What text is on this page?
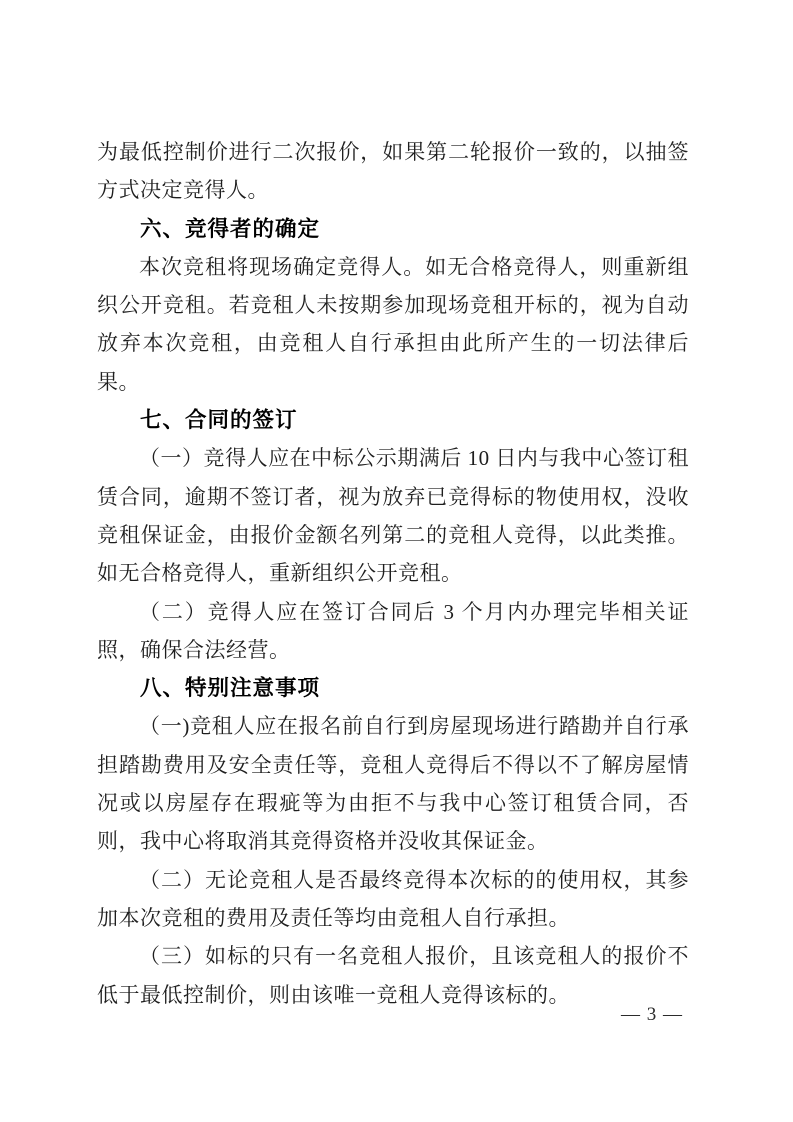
为最低控制价进行二次报价，如果第二轮报价一致的，以抽签方式决定竞得人。

六、竞得者的确定

本次竞租将现场确定竞得人。如无合格竞得人，则重新组织公开竞租。若竞租人未按期参加现场竞租开标的，视为自动放弃本次竞租，由竞租人自行承担由此所产生的一切法律后果。

七、合同的签订

（一）竞得人应在中标公示期满后 10 日内与我中心签订租赁合同，逾期不签订者，视为放弃已竞得标的物使用权，没收竞租保证金，由报价金额名列第二的竞租人竞得，以此类推。如无合格竞得人，重新组织公开竞租。

（二）竞得人应在签订合同后 3 个月内办理完毕相关证照，确保合法经营。

八、特别注意事项

（一)竞租人应在报名前自行到房屋现场进行踏勘并自行承担踏勘费用及安全责任等，竞租人竞得后不得以不了解房屋情况或以房屋存在瑕疵等为由拒不与我中心签订租赁合同，否则，我中心将取消其竞得资格并没收其保证金。

（二）无论竞租人是否最终竞得本次标的的使用权，其参加本次竞租的费用及责任等均由竞租人自行承担。

（三）如标的只有一名竞租人报价，且该竞租人的报价不低于最低控制价，则由该唯一竞租人竞得该标的。

— 3 —
